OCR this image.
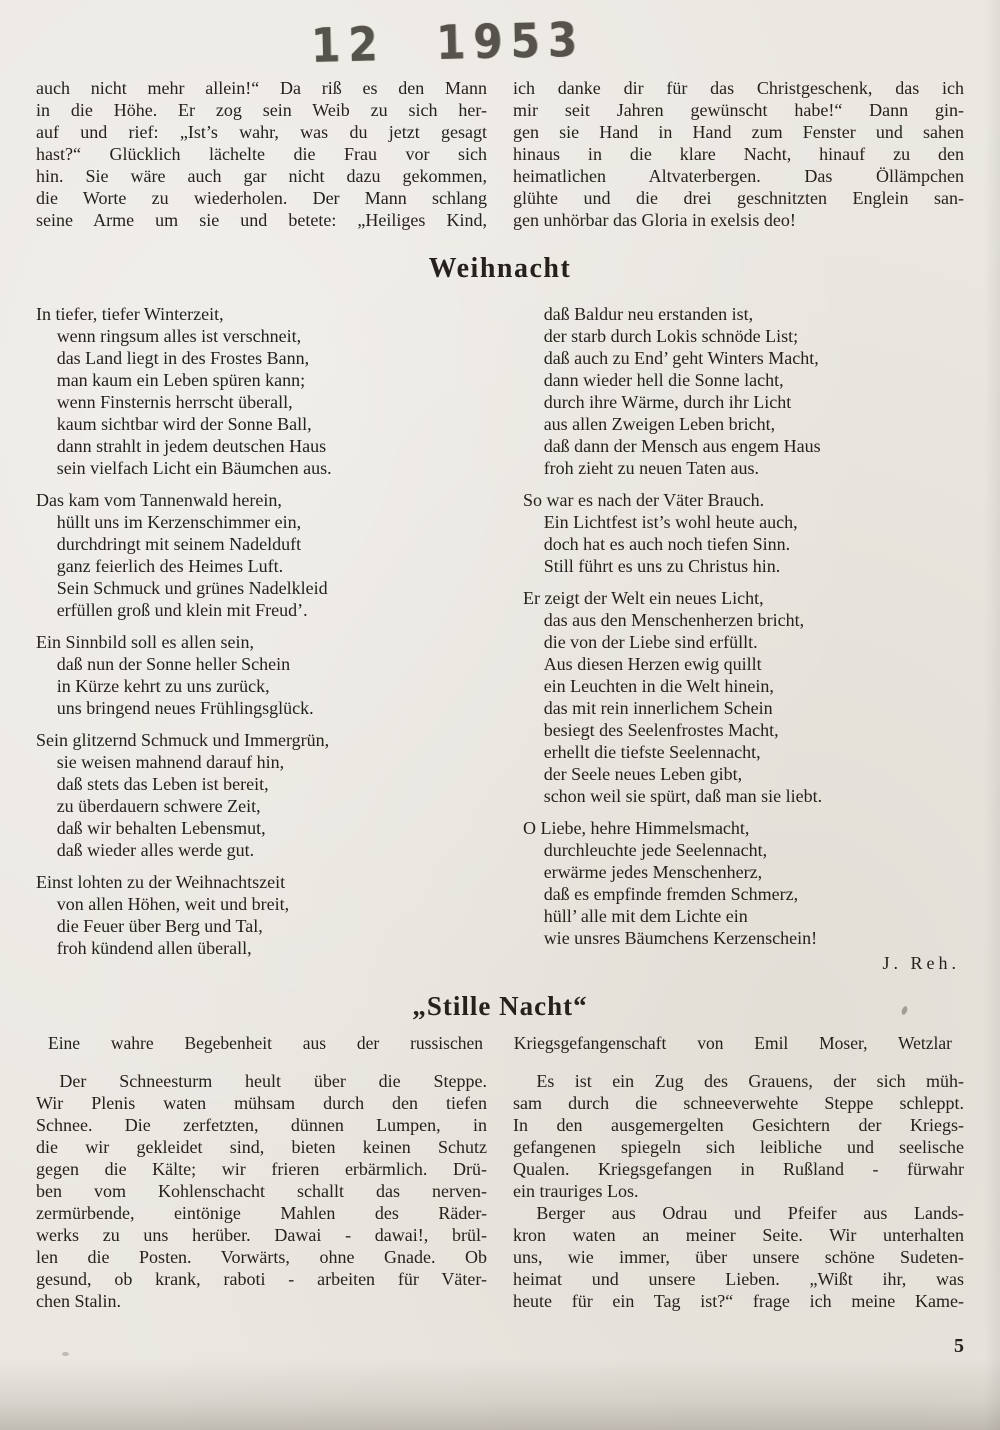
12 1953
auch nicht mehr allein!“ Da riß es den Mann
in die Höhe. Er zog sein Weib zu sich her-
auf und rief: „Ist’s wahr, was du jetzt gesagt
hast?“ Glücklich lächelte die Frau vor sich
hin. Sie wäre auch gar nicht dazu gekommen,
die Worte zu wiederholen. Der Mann schlang
seine Arme um sie und betete: „Heiliges Kind,
ich danke dir für das Christgeschenk, das ich
mir seit Jahren gewünscht habe!“ Dann gin-
gen sie Hand in Hand zum Fenster und sahen
hinaus in die klare Nacht, hinauf zu den
heimatlichen Altvaterbergen. Das Öllämpchen
glühte und die drei geschnitzten Englein san-
gen unhörbar das Gloria in exelsis deo!
Weihnacht
In tiefer, tiefer Winterzeit,
wenn ringsum alles ist verschneit,
das Land liegt in des Frostes Bann,
man kaum ein Leben spüren kann;
wenn Finsternis herrscht überall,
kaum sichtbar wird der Sonne Ball,
dann strahlt in jedem deutschen Haus
sein vielfach Licht ein Bäumchen aus.
Das kam vom Tannenwald herein,
hüllt uns im Kerzenschimmer ein,
durchdringt mit seinem Nadelduft
ganz feierlich des Heimes Luft.
Sein Schmuck und grünes Nadelkleid
erfüllen groß und klein mit Freud’.
Ein Sinnbild soll es allen sein,
daß nun der Sonne heller Schein
in Kürze kehrt zu uns zurück,
uns bringend neues Frühlingsglück.
Sein glitzernd Schmuck und Immergrün,
sie weisen mahnend darauf hin,
daß stets das Leben ist bereit,
zu überdauern schwere Zeit,
daß wir behalten Lebensmut,
daß wieder alles werde gut.
Einst lohten zu der Weihnachtszeit
von allen Höhen, weit und breit,
die Feuer über Berg und Tal,
froh kündend allen überall,
daß Baldur neu erstanden ist,
der starb durch Lokis schnöde List;
daß auch zu End’ geht Winters Macht,
dann wieder hell die Sonne lacht,
durch ihre Wärme, durch ihr Licht
aus allen Zweigen Leben bricht,
daß dann der Mensch aus engem Haus
froh zieht zu neuen Taten aus.
So war es nach der Väter Brauch.
Ein Lichtfest ist’s wohl heute auch,
doch hat es auch noch tiefen Sinn.
Still führt es uns zu Christus hin.
Er zeigt der Welt ein neues Licht,
das aus den Menschenherzen bricht,
die von der Liebe sind erfüllt.
Aus diesen Herzen ewig quillt
ein Leuchten in die Welt hinein,
das mit rein innerlichem Schein
besiegt des Seelenfrostes Macht,
erhellt die tiefste Seelennacht,
der Seele neues Leben gibt,
schon weil sie spürt, daß man sie liebt.
O Liebe, hehre Himmelsmacht,
durchleuchte jede Seelennacht,
erwärme jedes Menschenherz,
daß es empfinde fremden Schmerz,
hüll’ alle mit dem Lichte ein
wie unsres Bäumchens Kerzenschein!
J. Reh.
„Stille Nacht“
Eine wahre Begebenheit aus der russischen Kriegsgefangenschaft von Emil Moser, Wetzlar
Der Schneesturm heult über die Steppe.
Wir Plenis waten mühsam durch den tiefen
Schnee. Die zerfetzten, dünnen Lumpen, in
die wir gekleidet sind, bieten keinen Schutz
gegen die Kälte; wir frieren erbärmlich. Drü-
ben vom Kohlenschacht schallt das nerven-
zermürbende, eintönige Mahlen des Räder-
werks zu uns herüber. Dawai - dawai!, brül-
len die Posten. Vorwärts, ohne Gnade. Ob
gesund, ob krank, raboti - arbeiten für Väter-
chen Stalin.
Es ist ein Zug des Grauens, der sich müh-
sam durch die schneeverwehte Steppe schleppt.
In den ausgemergelten Gesichtern der Kriegs-
gefangenen spiegeln sich leibliche und seelische
Qualen. Kriegsgefangen in Rußland - fürwahr
ein trauriges Los.
Berger aus Odrau und Pfeifer aus Lands-
kron waten an meiner Seite. Wir unterhalten
uns, wie immer, über unsere schöne Sudeten-
heimat und unsere Lieben. „Wißt ihr, was
heute für ein Tag ist?“ frage ich meine Kame-
5
